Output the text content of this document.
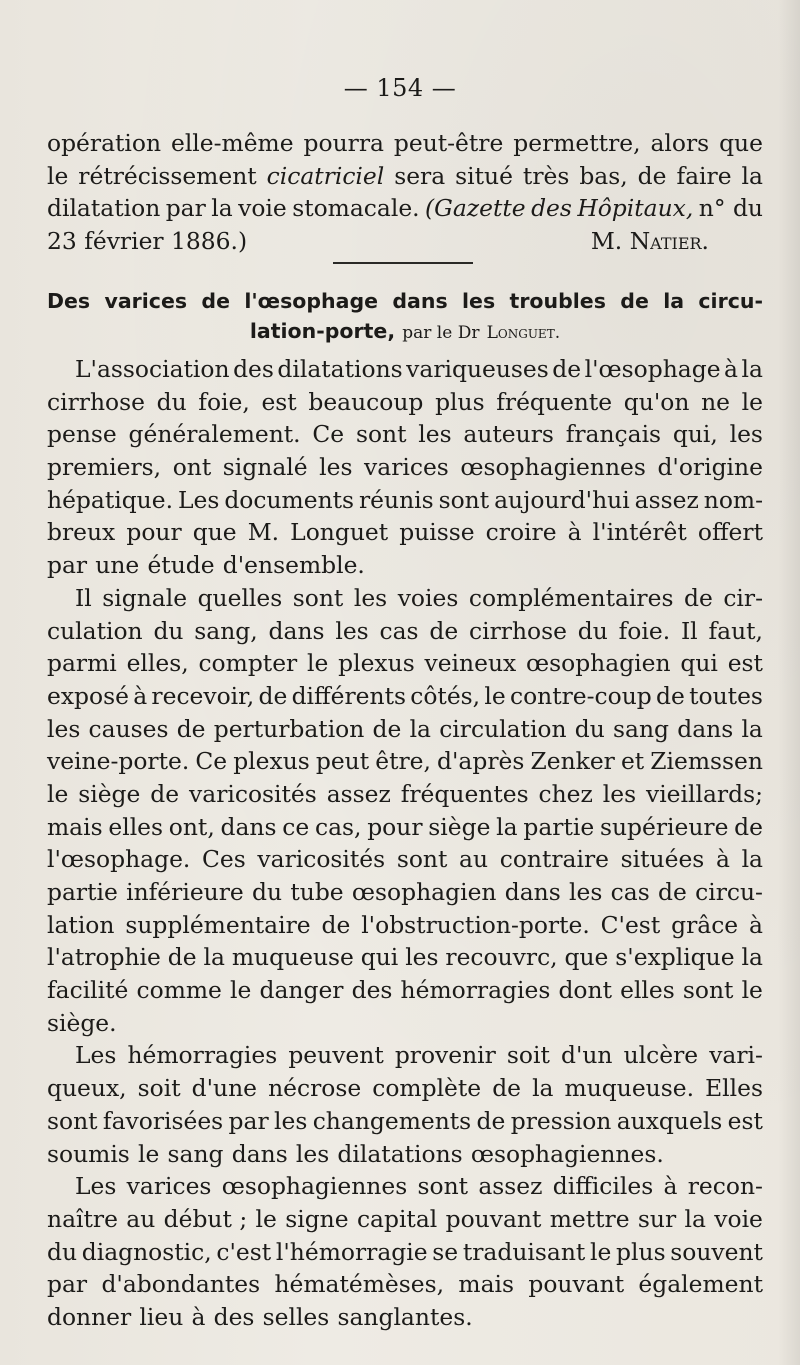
— 154 —
opération elle-même pourra peut-être permettre, alors que
le rétrécissement cicatriciel sera situé très bas, de faire la
dilatation par la voie stomacale. (Gazette des Hôpitaux, n° du
23 février 1886.)	M. Natier.
Des varices de l'œsophage dans les troubles de la circu-
lation-porte, par le Dr Longuet.
L'association des dilatations variqueuses de l'œsophage à la
cirrhose du foie, est beaucoup plus fréquente qu'on ne le
pense généralement. Ce sont les auteurs français qui, les
premiers, ont signalé les varices œsophagiennes d'origine
hépatique. Les documents réunis sont aujourd'hui assez nom-
breux pour que M. Longuet puisse croire à l'intérêt offert
par une étude d'ensemble.
Il signale quelles sont les voies complémentaires de cir-
culation du sang, dans les cas de cirrhose du foie. Il faut,
parmi elles, compter le plexus veineux œsophagien qui est
exposé à recevoir, de différents côtés, le contre-coup de toutes
les causes de perturbation de la circulation du sang dans la
veine-porte. Ce plexus peut être, d'après Zenker et Ziemssen
le siège de varicosités assez fréquentes chez les vieillards;
mais elles ont, dans ce cas, pour siège la partie supérieure de
l'œsophage. Ces varicosités sont au contraire situées à la
partie inférieure du tube œsophagien dans les cas de circu-
lation supplémentaire de l'obstruction-porte. C'est grâce à
l'atrophie de la muqueuse qui les recouvrc, que s'explique la
facilité comme le danger des hémorragies dont elles sont le
siège.
Les hémorragies peuvent provenir soit d'un ulcère vari-
queux, soit d'une nécrose complète de la muqueuse. Elles
sont favorisées par les changements de pression auxquels est
soumis le sang dans les dilatations œsophagiennes.
Les varices œsophagiennes sont assez difficiles à recon-
naître au début ; le signe capital pouvant mettre sur la voie
du diagnostic, c'est l'hémorragie se traduisant le plus souvent
par d'abondantes hématémèses, mais pouvant également
donner lieu à des selles sanglantes.
